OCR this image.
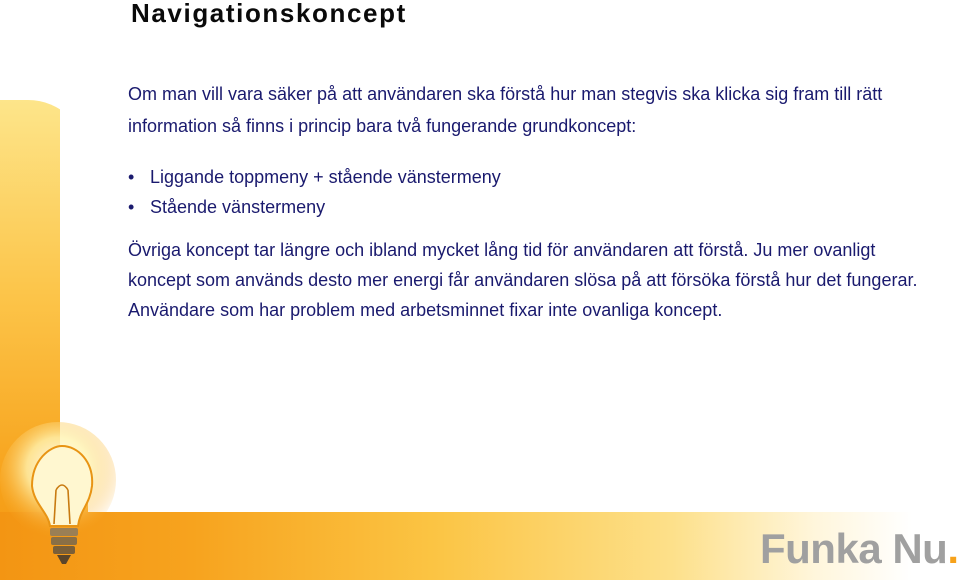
Navigationskoncept

Om man vill vara säker på att användaren ska förstå hur man stegvis ska klicka sig fram till rätt information så finns i princip bara två fungerande grundkoncept:

• Liggande toppmeny + stående vänstermeny
• Stående vänstermeny

Övriga koncept tar längre och ibland mycket lång tid för användaren att förstå. Ju mer ovanligt koncept som används desto mer energi får användaren slösa på att försöka förstå hur det fungerar. Användare som har problem med arbetsminnet fixar inte ovanliga koncept.

Funka Nu.
